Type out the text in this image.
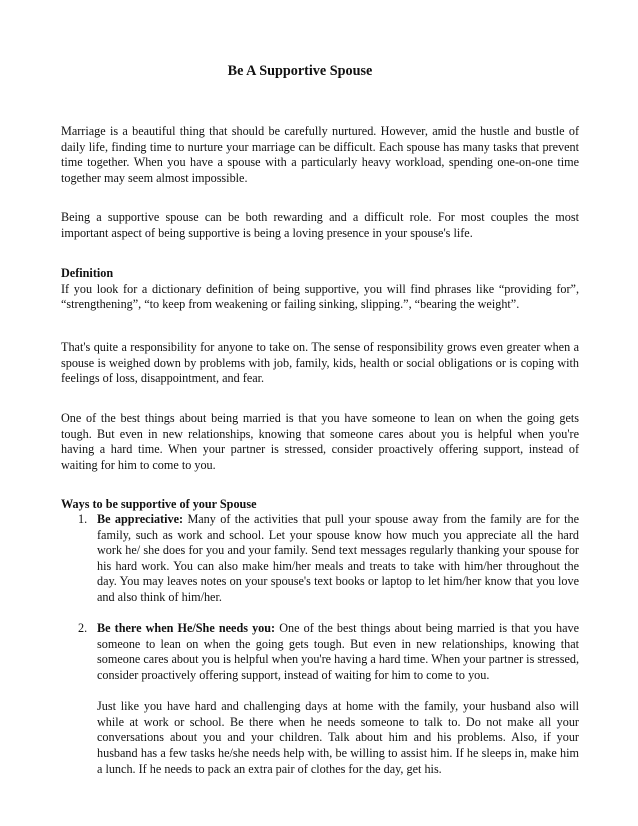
Be A Supportive Spouse

Marriage is a beautiful thing that should be carefully nurtured. However, amid the hustle and bustle of daily life, finding time to nurture your marriage can be difficult. Each spouse has many tasks that prevent time together. When you have a spouse with a particularly heavy workload, spending one-on-one time together may seem almost impossible.

Being a supportive spouse can be both rewarding and a difficult role. For most couples the most important aspect of being supportive is being a loving presence in your spouse's life.

Definition
If you look for a dictionary definition of being supportive, you will find phrases like “providing for”, “strengthening”, “to keep from weakening or failing sinking, slipping.”, “bearing the weight”.

That's quite a responsibility for anyone to take on. The sense of responsibility grows even greater when a spouse is weighed down by problems with job, family, kids, health or social obligations or is coping with feelings of loss, disappointment, and fear.

One of the best things about being married is that you have someone to lean on when the going gets tough. But even in new relationships, knowing that someone cares about you is helpful when you're having a hard time. When your partner is stressed, consider proactively offering support, instead of waiting for him to come to you.

Ways to be supportive of your Spouse
1. Be appreciative: Many of the activities that pull your spouse away from the family are for the family, such as work and school. Let your spouse know how much you appreciate all the hard work he/ she does for you and your family. Send text messages regularly thanking your spouse for his hard work. You can also make him/her meals and treats to take with him/her throughout the day. You may leaves notes on your spouse's text books or laptop to let him/her know that you love and also think of him/her.
2. Be there when He/She needs you: One of the best things about being married is that you have someone to lean on when the going gets tough. But even in new relationships, knowing that someone cares about you is helpful when you're having a hard time. When your partner is stressed, consider proactively offering support, instead of waiting for him to come to you.

Just like you have hard and challenging days at home with the family, your husband also will while at work or school. Be there when he needs someone to talk to. Do not make all your conversations about you and your children. Talk about him and his problems. Also, if your husband has a few tasks he/she needs help with, be willing to assist him. If he sleeps in, make him a lunch. If he needs to pack an extra pair of clothes for the day, get his.
